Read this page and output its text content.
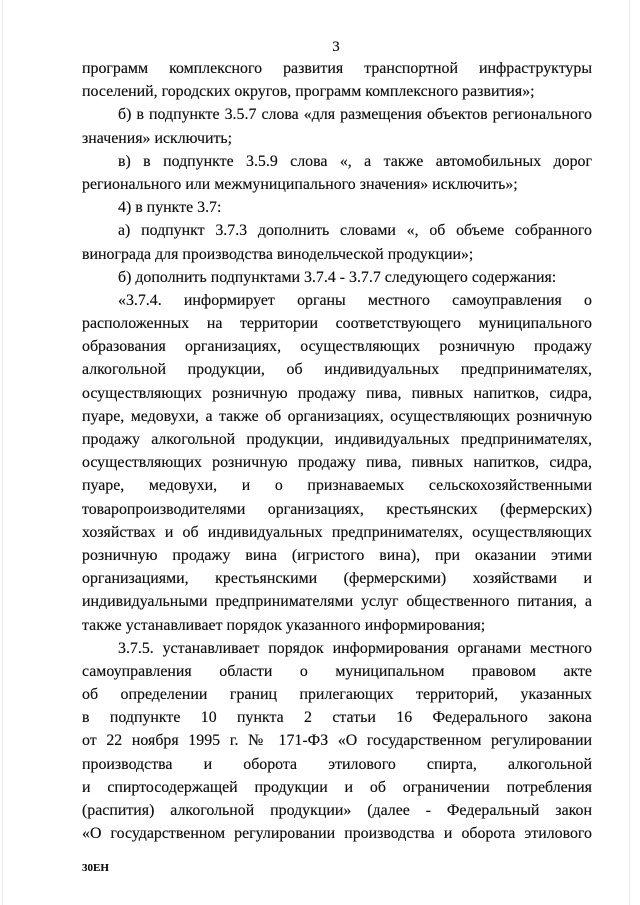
3
программ комплексного развития транспортной инфраструктуры
поселений, городских округов, программ комплексного развития»;
б) в подпункте 3.5.7 слова «для размещения объектов регионального
значения» исключить;
в) в подпункте 3.5.9 слова «, а также автомобильных дорог
регионального или межмуниципального значения» исключить»;
4) в пункте 3.7:
а) подпункт 3.7.3 дополнить словами «, об объеме собранного
винограда для производства винодельческой продукции»;
б) дополнить подпунктами 3.7.4 - 3.7.7 следующего содержания:
«3.7.4. информирует органы местного самоуправления о
расположенных на территории соответствующего муниципального
образования организациях, осуществляющих розничную продажу
алкогольной продукции, об индивидуальных предпринимателях,
осуществляющих розничную продажу пива, пивных напитков, сидра,
пуаре, медовухи, а также об организациях, осуществляющих розничную
продажу алкогольной продукции, индивидуальных предпринимателях,
осуществляющих розничную продажу пива, пивных напитков, сидра,
пуаре, медовухи, и о признаваемых сельскохозяйственными
товаропроизводителями организациях, крестьянских (фермерских)
хозяйствах и об индивидуальных предпринимателях, осуществляющих
розничную продажу вина (игристого вина), при оказании этими
организациями, крестьянскими (фермерскими) хозяйствами и
индивидуальными предпринимателями услуг общественного питания, а
также устанавливает порядок указанного информирования;
3.7.5. устанавливает порядок информирования органами местного
самоуправления области о муниципальном правовом акте
об определении границ прилегающих территорий, указанных
в подпункте 10 пункта 2 статьи 16 Федерального закона
от 22 ноября 1995 г. № 171-ФЗ «О государственном регулировании
производства и оборота этилового спирта, алкогольной
и спиртосодержащей продукции и об ограничении потребления
(распития) алкогольной продукции» (далее - Федеральный закон
«О государственном регулировании производства и оборота этилового
30ЕН
